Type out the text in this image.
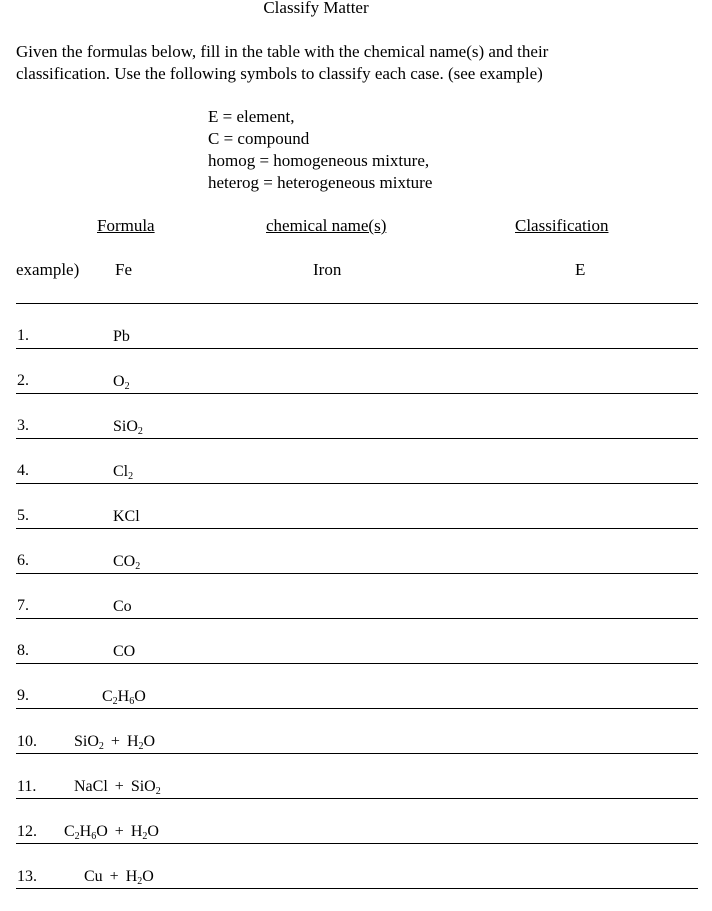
Classify Matter
Given the formulas below, fill in the table with the chemical name(s) and their
classification. Use the following symbols to classify each case. (see example)
E = element,
C = compound
homog = homogeneous mixture,
heterog = heterogeneous mixture
Formula	chemical name(s)	Classification
example) Fe	Iron	E
1.	Pb
2.	$O_2$
3.	SiO$_2$
4.	$Cl_2$
5.	KCl
6.	$CO_2$
7.	Co
8.	CO
9.	$C_2H_6O$
10. $SiO_2 + H_2O$
11. NaCl + SiO$_2$
12. $C_2H_6O + H_2O$
13.	$Cu + H_2O$
